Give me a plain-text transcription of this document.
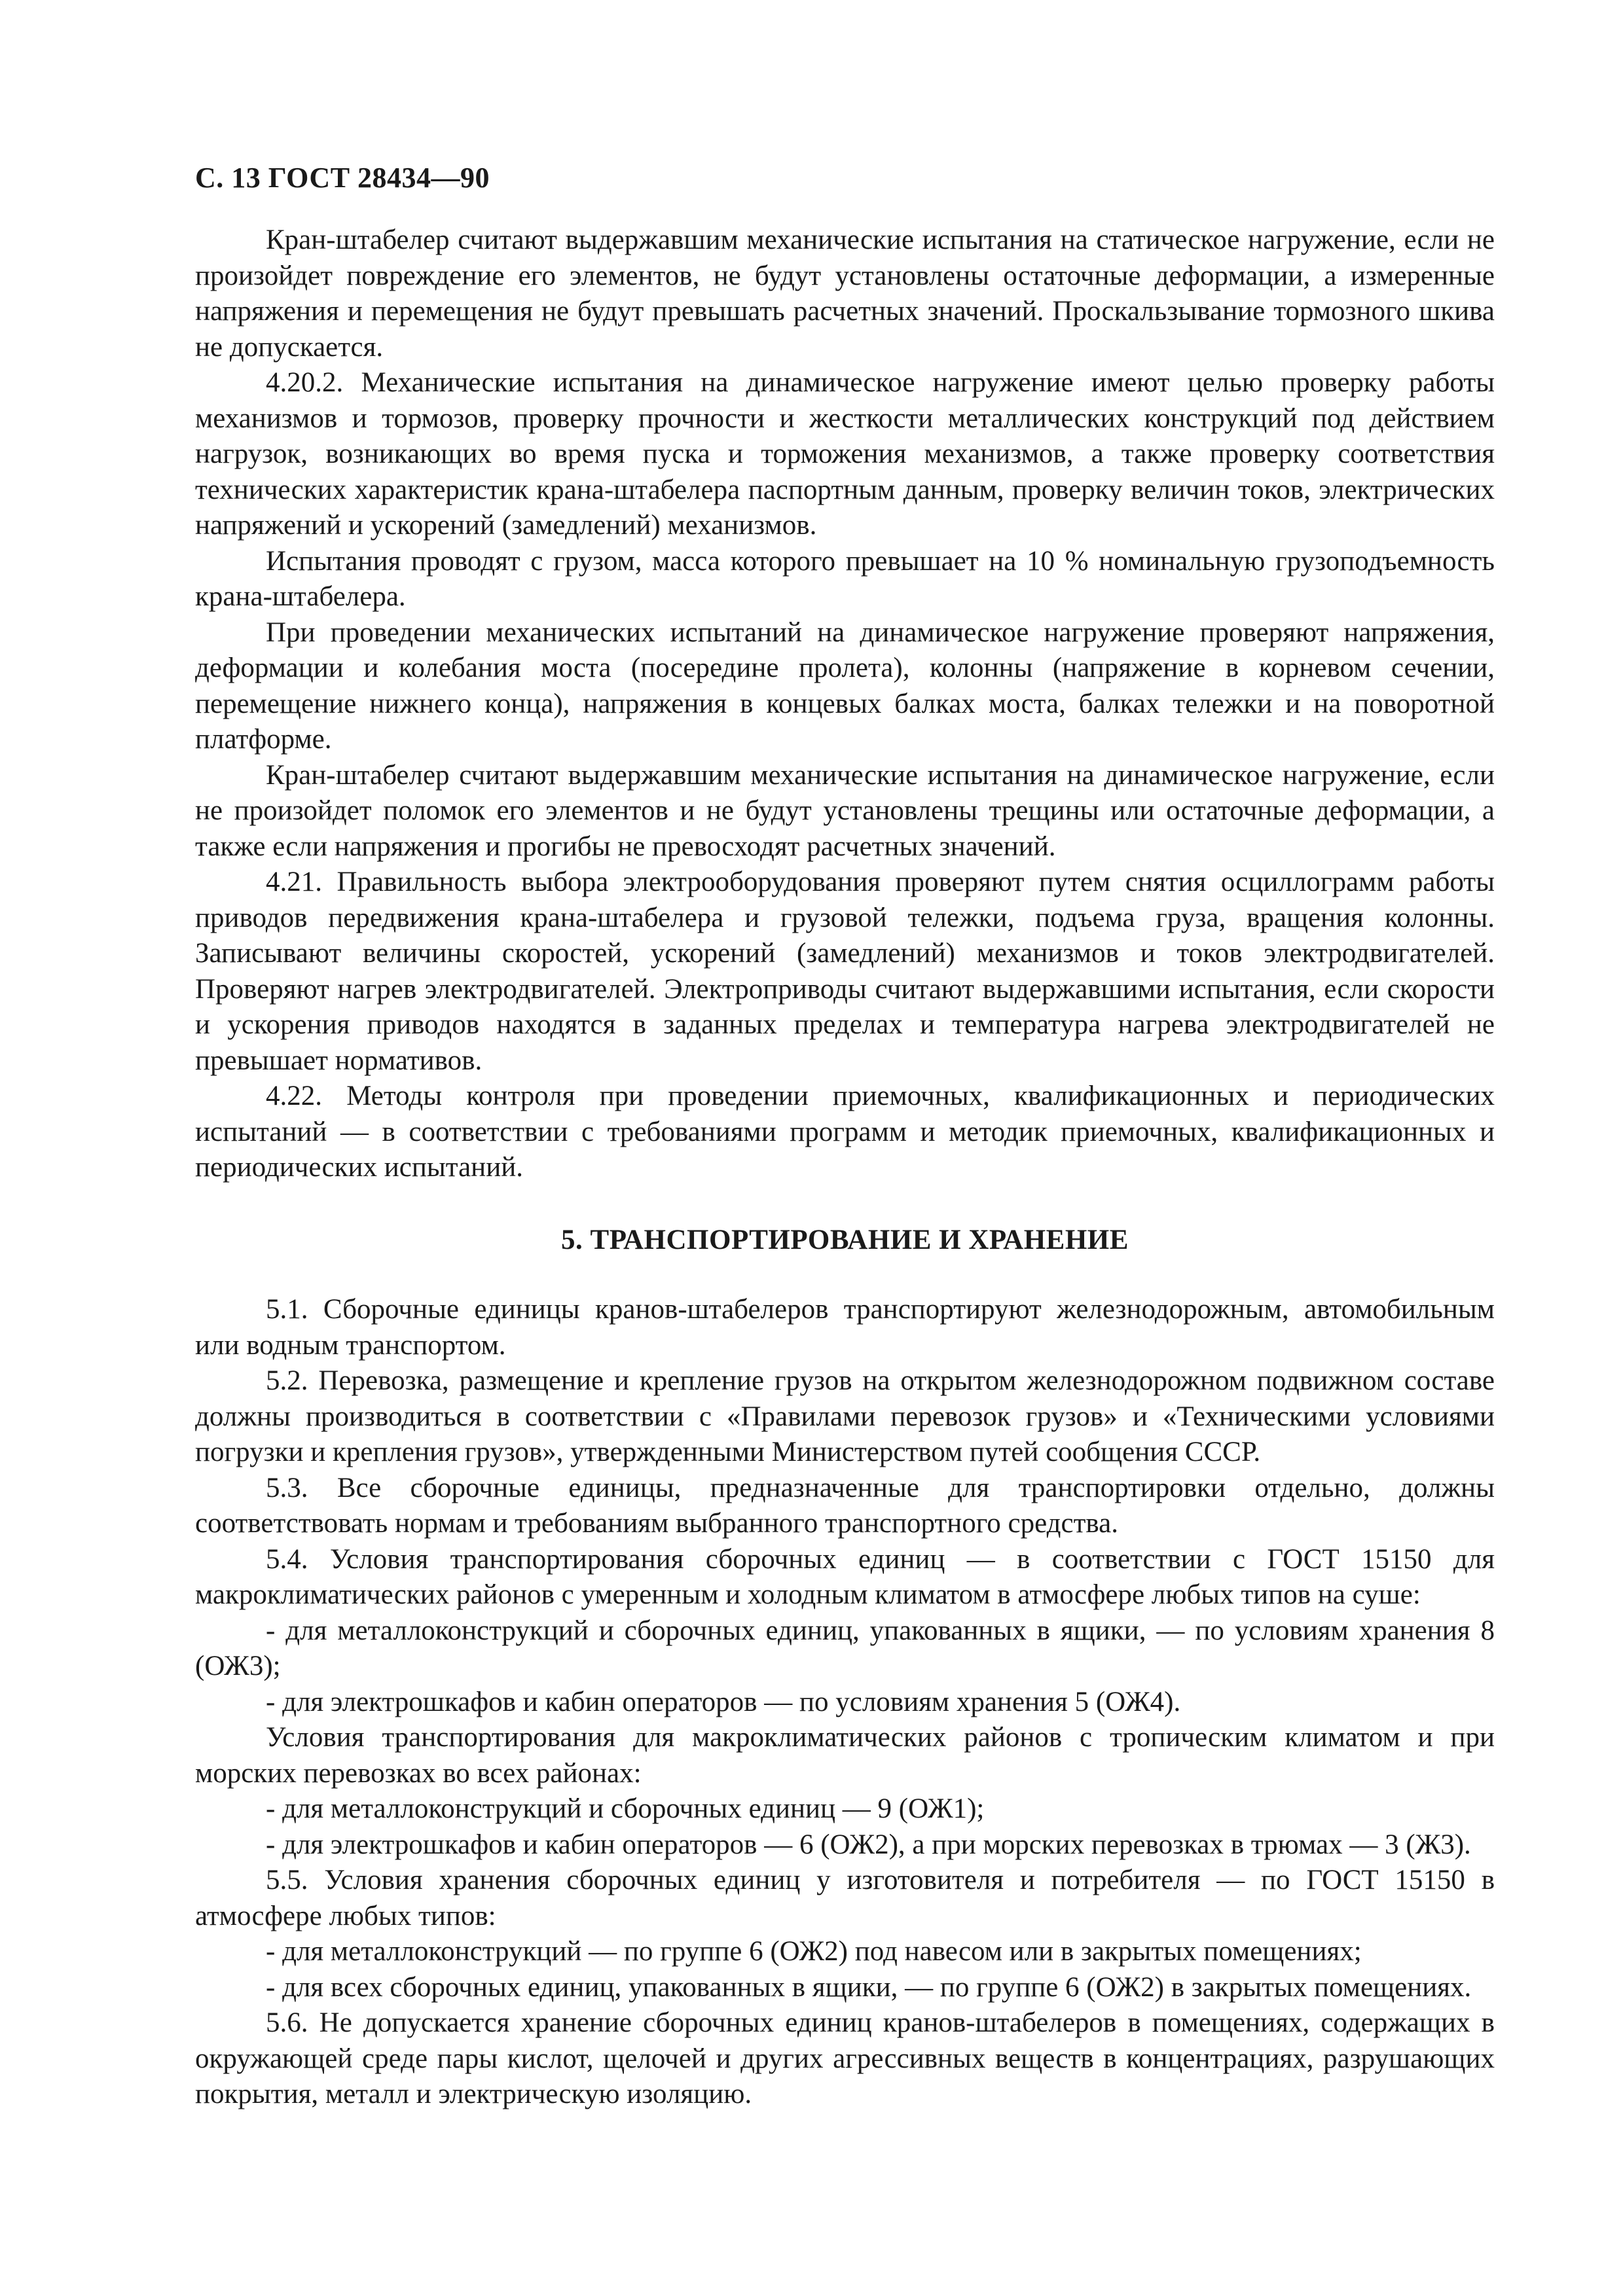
С. 13 ГОСТ 28434—90

Кран-штабелер считают выдержавшим механические испытания на статическое нагружение, если не произойдет повреждение его элементов, не будут установлены остаточные деформации, а измеренные напряжения и перемещения не будут превышать расчетных значений. Проскальзывание тормозного шкива не допускается.

4.20.2. Механические испытания на динамическое нагружение имеют целью проверку работы механизмов и тормозов, проверку прочности и жесткости металлических конструкций под действием нагрузок, возникающих во время пуска и торможения механизмов, а также проверку соответствия технических характеристик крана-штабелера паспортным данным, проверку величин токов, электрических напряжений и ускорений (замедлений) механизмов.

Испытания проводят с грузом, масса которого превышает на 10 % номинальную грузоподъемность крана-штабелера.

При проведении механических испытаний на динамическое нагружение проверяют напряжения, деформации и колебания моста (посередине пролета), колонны (напряжение в корневом сечении, перемещение нижнего конца), напряжения в концевых балках моста, балках тележки и на поворотной платформе.

Кран-штабелер считают выдержавшим механические испытания на динамическое нагружение, если не произойдет поломок его элементов и не будут установлены трещины или остаточные деформации, а также если напряжения и прогибы не превосходят расчетных значений.

4.21. Правильность выбора электрооборудования проверяют путем снятия осциллограмм работы приводов передвижения крана-штабелера и грузовой тележки, подъема груза, вращения колонны. Записывают величины скоростей, ускорений (замедлений) механизмов и токов электродвигателей. Проверяют нагрев электродвигателей. Электроприводы считают выдержавшими испытания, если скорости и ускорения приводов находятся в заданных пределах и температура нагрева электродвигателей не превышает нормативов.

4.22. Методы контроля при проведении приемочных, квалификационных и периодических испытаний — в соответствии с требованиями программ и методик приемочных, квалификационных и периодических испытаний.

5. ТРАНСПОРТИРОВАНИЕ И ХРАНЕНИЕ

5.1. Сборочные единицы кранов-штабелеров транспортируют железнодорожным, автомобильным или водным транспортом.

5.2. Перевозка, размещение и крепление грузов на открытом железнодорожном подвижном составе должны производиться в соответствии с «Правилами перевозок грузов» и «Техническими условиями погрузки и крепления грузов», утвержденными Министерством путей сообщения СССР.

5.3. Все сборочные единицы, предназначенные для транспортировки отдельно, должны соответствовать нормам и требованиям выбранного транспортного средства.

5.4. Условия транспортирования сборочных единиц — в соответствии с ГОСТ 15150 для макроклиматических районов с умеренным и холодным климатом в атмосфере любых типов на суше:

- для металлоконструкций и сборочных единиц, упакованных в ящики, — по условиям хранения 8 (ОЖ3);

- для электрошкафов и кабин операторов — по условиям хранения 5 (ОЖ4).

Условия транспортирования для макроклиматических районов с тропическим климатом и при морских перевозках во всех районах:

- для металлоконструкций и сборочных единиц — 9 (ОЖ1);

- для электрошкафов и кабин операторов — 6 (ОЖ2), а при морских перевозках в трюмах — 3 (Ж3).

5.5. Условия хранения сборочных единиц у изготовителя и потребителя — по ГОСТ 15150 в атмосфере любых типов:

- для металлоконструкций — по группе 6 (ОЖ2) под навесом или в закрытых помещениях;

- для всех сборочных единиц, упакованных в ящики, — по группе 6 (ОЖ2) в закрытых помещениях.

5.6. Не допускается хранение сборочных единиц кранов-штабелеров в помещениях, содержащих в окружающей среде пары кислот, щелочей и других агрессивных веществ в концентрациях, разрушающих покрытия, металл и электрическую изоляцию.
